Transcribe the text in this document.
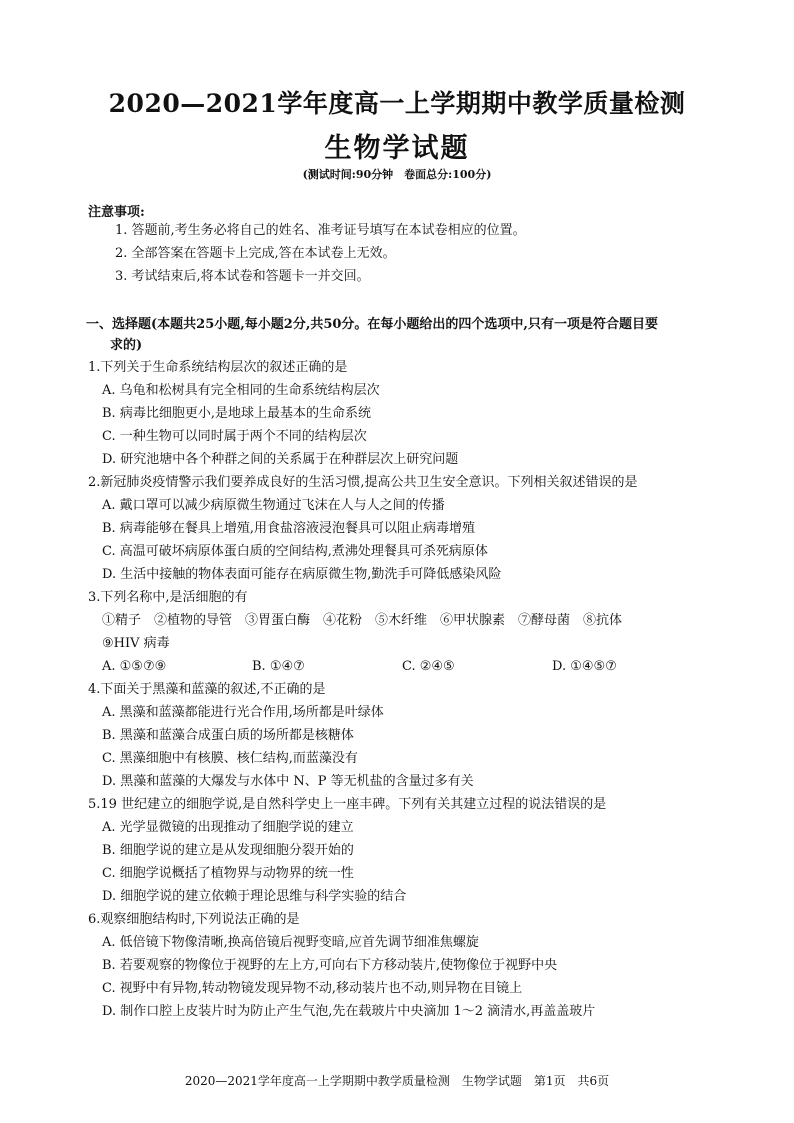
2020—2021学年度高一上学期期中教学质量检测
生物学试题
(测试时间:90分钟　卷面总分:100分)
注意事项:
1. 答题前,考生务必将自己的姓名、准考证号填写在本试卷相应的位置。
2. 全部答案在答题卡上完成,答在本试卷上无效。
3. 考试结束后,将本试卷和答题卡一并交回。
一、选择题(本题共25小题,每小题2分,共50分。在每小题给出的四个选项中,只有一项是符合题目要
求的)
1.下列关于生命系统结构层次的叙述正确的是
A. 乌龟和松树具有完全相同的生命系统结构层次
B. 病毒比细胞更小,是地球上最基本的生命系统
C. 一种生物可以同时属于两个不同的结构层次
D. 研究池塘中各个种群之间的关系属于在种群层次上研究问题
2.新冠肺炎疫情警示我们要养成良好的生活习惯,提高公共卫生安全意识。下列相关叙述错误的是
A. 戴口罩可以减少病原微生物通过飞沫在人与人之间的传播
B. 病毒能够在餐具上增殖,用食盐溶液浸泡餐具可以阻止病毒增殖
C. 高温可破坏病原体蛋白质的空间结构,煮沸处理餐具可杀死病原体
D. 生活中接触的物体表面可能存在病原微生物,勤洗手可降低感染风险
3.下列名称中,是活细胞的有
①精子　②植物的导管　③胃蛋白酶　④花粉　⑤木纤维　⑥甲状腺素　⑦酵母菌　⑧抗体
⑨HIV 病毒
A. ①⑤⑦⑨	B. ①④⑦	C. ②④⑤	D. ①④⑤⑦
4.下面关于黑藻和蓝藻的叙述,不正确的是
A. 黑藻和蓝藻都能进行光合作用,场所都是叶绿体
B. 黑藻和蓝藻合成蛋白质的场所都是核糖体
C. 黑藻细胞中有核膜、核仁结构,而蓝藻没有
D. 黑藻和蓝藻的大爆发与水体中 N、P 等无机盐的含量过多有关
5.19 世纪建立的细胞学说,是自然科学史上一座丰碑。下列有关其建立过程的说法错误的是
A. 光学显微镜的出现推动了细胞学说的建立
B. 细胞学说的建立是从发现细胞分裂开始的
C. 细胞学说概括了植物界与动物界的统一性
D. 细胞学说的建立依赖于理论思维与科学实验的结合
6.观察细胞结构时,下列说法正确的是
A. 低倍镜下物像清晰,换高倍镜后视野变暗,应首先调节细准焦螺旋
B. 若要观察的物像位于视野的左上方,可向右下方移动装片,使物像位于视野中央
C. 视野中有异物,转动物镜发现异物不动,移动装片也不动,则异物在目镜上
D. 制作口腔上皮装片时为防止产生气泡,先在载玻片中央滴加 1～2 滴清水,再盖盖玻片
2020—2021学年度高一上学期期中教学质量检测　生物学试题　第1页　共6页
